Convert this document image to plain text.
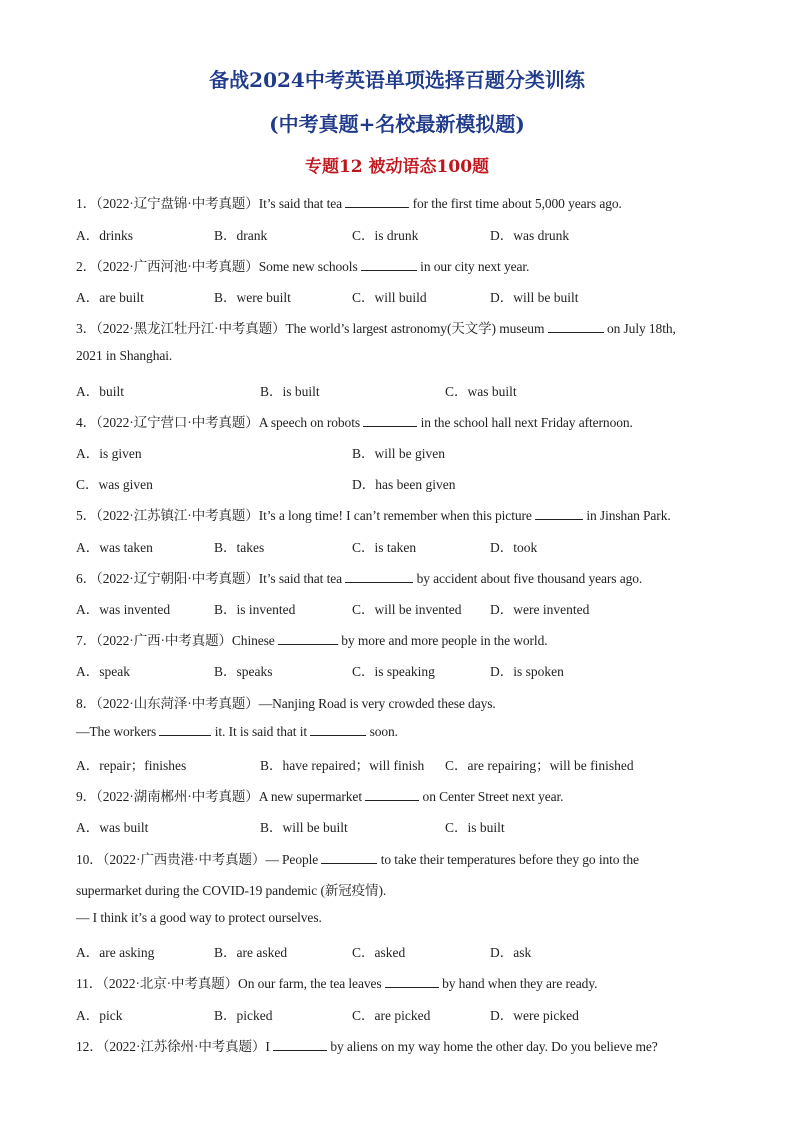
备战2024中考英语单项选择百题分类训练
(中考真题+名校最新模拟题)
专题12 被动语态100题
1．（2022·辽宁盘锦·中考真题）It’s said that tea	for the first time about 5,000 years ago.
A．drinks	B．drank	C．is drunk	D．was drunk
2．（2022·广西河池·中考真题）Some new schools	in our city next year.
A．are built	B．were built	C．will build	D．will be built
3．（2022·黑龙江牡丹江·中考真题）The world’s largest astronomy(天文学) museum	on July 18th,
2021 in Shanghai.
A．built	B．is built	C．was built
4．（2022·辽宁营口·中考真题）A speech on robots	in the school hall next Friday afternoon.
A．is given	B．will be given
C．was given	D．has been given
5．（2022·江苏镇江·中考真题）It’s a long time! I can’t remember when this picture	in Jinshan Park.
A．was taken	B．takes	C．is taken	D．took
6．（2022·辽宁朝阳·中考真题）It’s said that tea	by accident about five thousand years ago.
A．was invented	B．is invented	C．will be invented D．were invented
7．（2022·广西·中考真题）Chinese	by more and more people in the world.
A．speak	B．speaks	C．is speaking	D．is spoken
8．（2022·山东菏泽·中考真题）—Nanjing Road is very crowded these days.
—The workers	it. It is said that it	soon.
A．repair；finishes	B．have repaired；will finish C．are repairing；will be finished
9．（2022·湖南郴州·中考真题）A new supermarket	on Center Street next year.
A．was built	B．will be built	C．is built
10．（2022·广西贵港·中考真题）— People	to take their temperatures before they go into the
supermarket during the COVID-19 pandemic (新冠疫情).
— I think it’s a good way to protect ourselves.
A．are asking	B．are asked	C．asked	D．ask
11．（2022·北京·中考真题）On our farm, the tea leaves	by hand when they are ready.
A．pick	B．picked	C．are picked	D．were picked
12．（2022·江苏徐州·中考真题）I	by aliens on my way home the other day. Do you believe me?
